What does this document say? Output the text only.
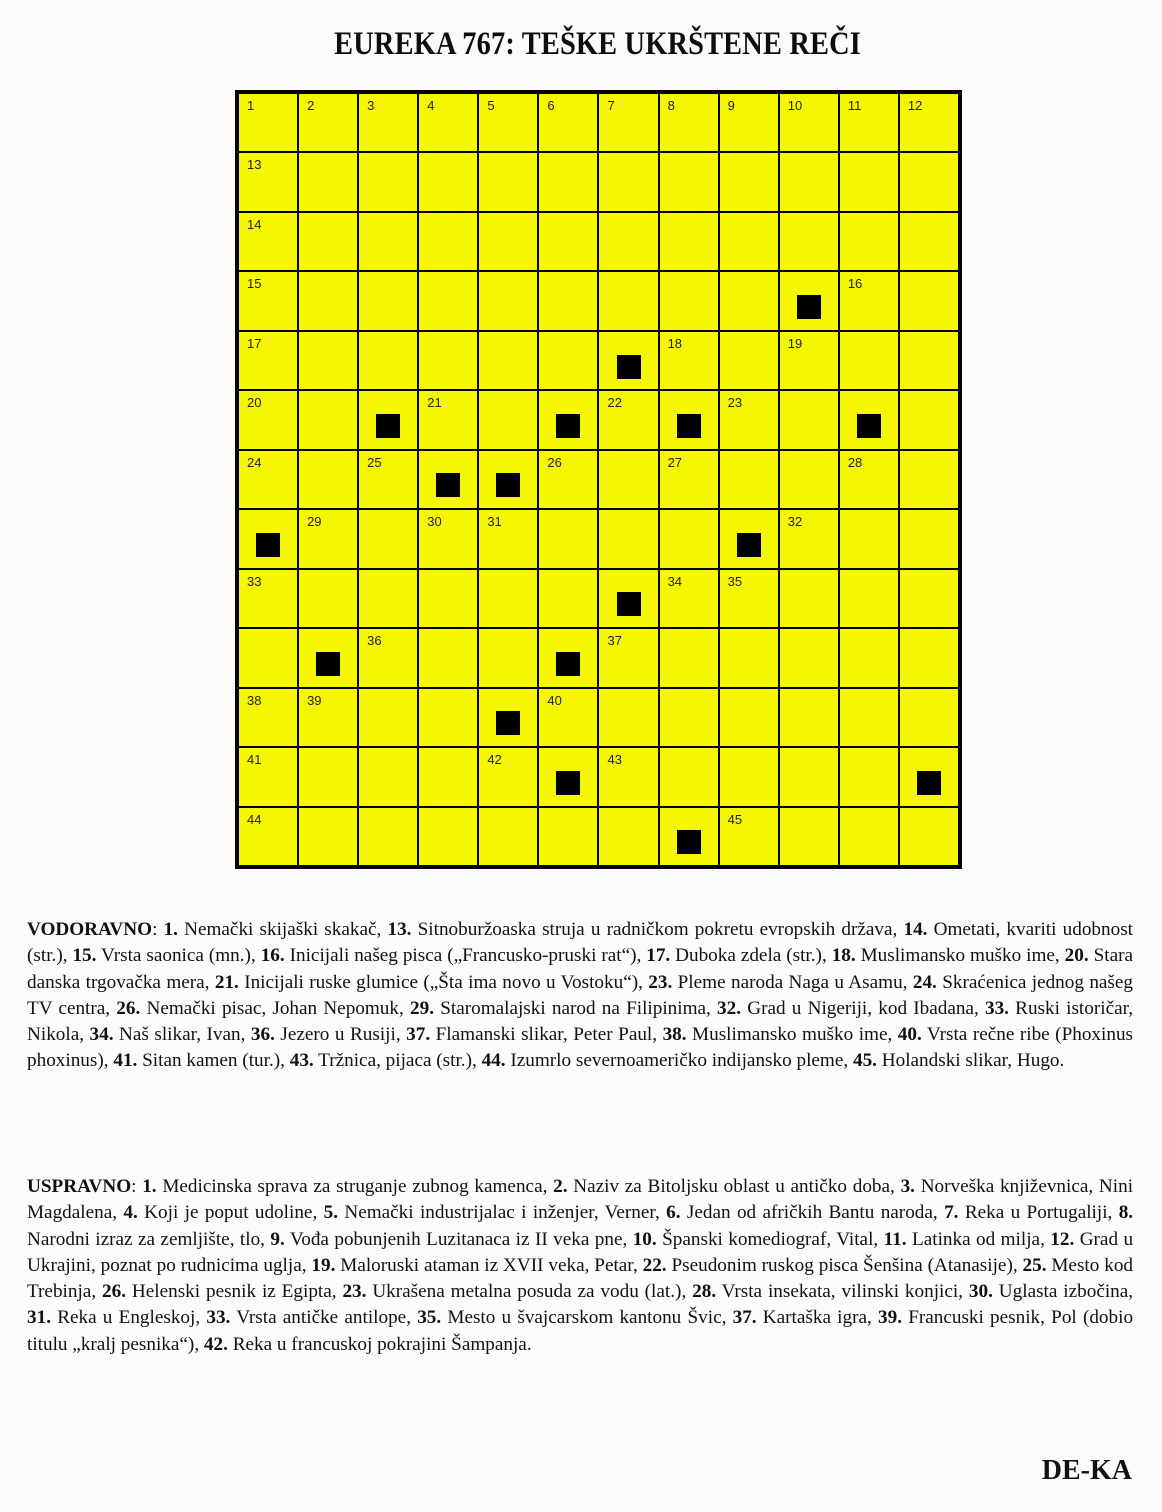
EUREKA 767: TEŠKE UKRŠTENE REČI
1	2	3	4	5	6	7	8	9	10	11	12
13
14
15	16
17	18	19
20	21	22	23
24	25	26	27	28
29	30	31	32
33	34	35
36	37
38	39	40
41	42	43
44	45
VODORAVNO: 1. Nemački skijaški skakač, 13. Sitnoburžoaska struja u radničkom pokretu evropskih država, 14. Ometati, kvariti udobnost (str.), 15. Vrsta saonica (mn.), 16. Inicijali našeg pisca („Francusko-pruski rat“), 17. Duboka zdela (str.), 18. Muslimansko muško ime, 20. Stara danska trgovačka mera, 21. Inicijali ruske glumice („Šta ima novo u Vostoku“), 23. Pleme naroda Naga u Asamu, 24. Skraćenica jednog našeg TV centra, 26. Nemački pisac, Johan Nepomuk, 29. Staromalajski narod na Filipinima, 32. Grad u Nigeriji, kod Ibadana, 33. Ruski istoričar, Nikola, 34. Naš slikar, Ivan, 36. Jezero u Rusiji, 37. Flamanski slikar, Peter Paul, 38. Muslimansko muško ime, 40. Vrsta rečne ribe (Phoxinus phoxinus), 41. Sitan kamen (tur.), 43. Tržnica, pijaca (str.), 44. Izumrlo severnoameričko indijansko pleme, 45. Holandski slikar, Hugo.
USPRAVNO: 1. Medicinska sprava za struganje zubnog kamenca, 2. Naziv za Bitoljsku oblast u antičko doba, 3. Norveška književnica, Nini Magdalena, 4. Koji je poput udoline, 5. Nemački industrijalac i inženjer, Verner, 6. Jedan od afričkih Bantu naroda, 7. Reka u Portugaliji, 8. Narodni izraz za zemljište, tlo, 9. Vođa pobunjenih Luzitanaca iz II veka pne, 10. Španski komediograf, Vital, 11. Latinka od milja, 12. Grad u Ukrajini, poznat po rudnicima uglja, 19. Maloruski ataman iz XVII veka, Petar, 22. Pseudonim ruskog pisca Šenšina (Atanasije), 25. Mesto kod Trebinja, 26. Helenski pesnik iz Egipta, 23. Ukrašena metalna posuda za vodu (lat.), 28. Vrsta insekata, vilinski konjici, 30. Uglasta izbočina, 31. Reka u Engleskoj, 33. Vrsta antičke antilope, 35. Mesto u švajcarskom kantonu Švic, 37. Kartaška igra, 39. Francuski pesnik, Pol (dobio titulu „kralj pesnika“), 42. Reka u francuskoj pokrajini Šampanja.
DE-KA
